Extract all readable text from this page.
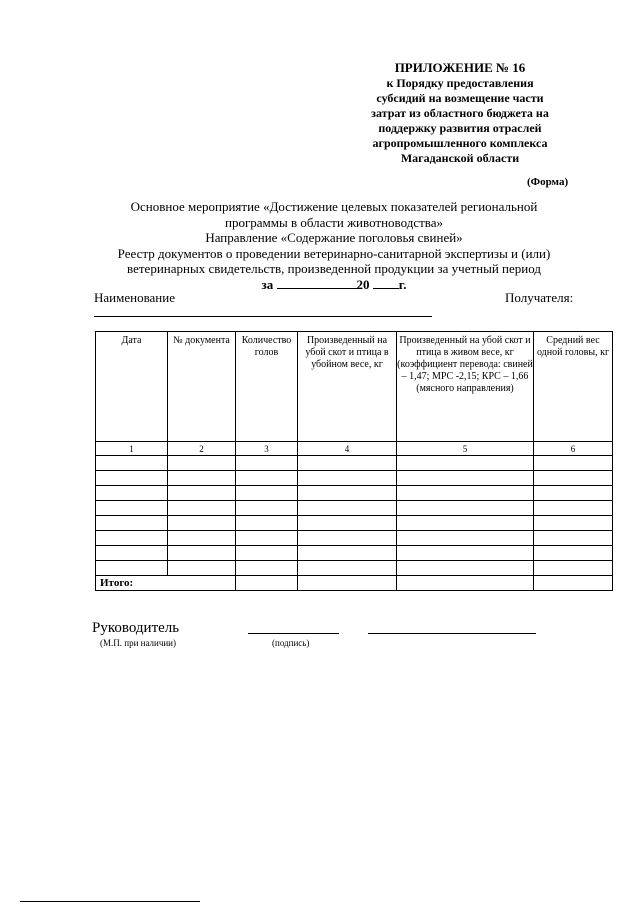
ПРИЛОЖЕНИЕ № 16
к Порядку предоставления
субсидий на возмещение части
затрат из областного бюджета на
поддержку развития отраслей
агропромышленного комплекса
Магаданской области
(Форма)
Основное мероприятие «Достижение целевых показателей региональной
программы в области животноводства»
Направление «Содержание поголовья свиней»
Реестр документов о проведении ветеринарно-санитарной экспертизы и (или)
ветеринарных свидетельств, произведенной продукции за учетный период
за	20 г.
Наименование	Получателя:
Дата	№ документа	Количество голов	Произведенный на убой скот и птица в убойном весе, кг	Произведенный на убой скот и птица в живом весе, кг (коэффициент перевода: свиней – 1,47; МРС -2,15; КРС – 1,66 (мясного направления)	Средний вес одной головы, кг
1	2	3	4	5	6

Итого:					
Руководитель
(М.П. при наличии)	(подпись)
